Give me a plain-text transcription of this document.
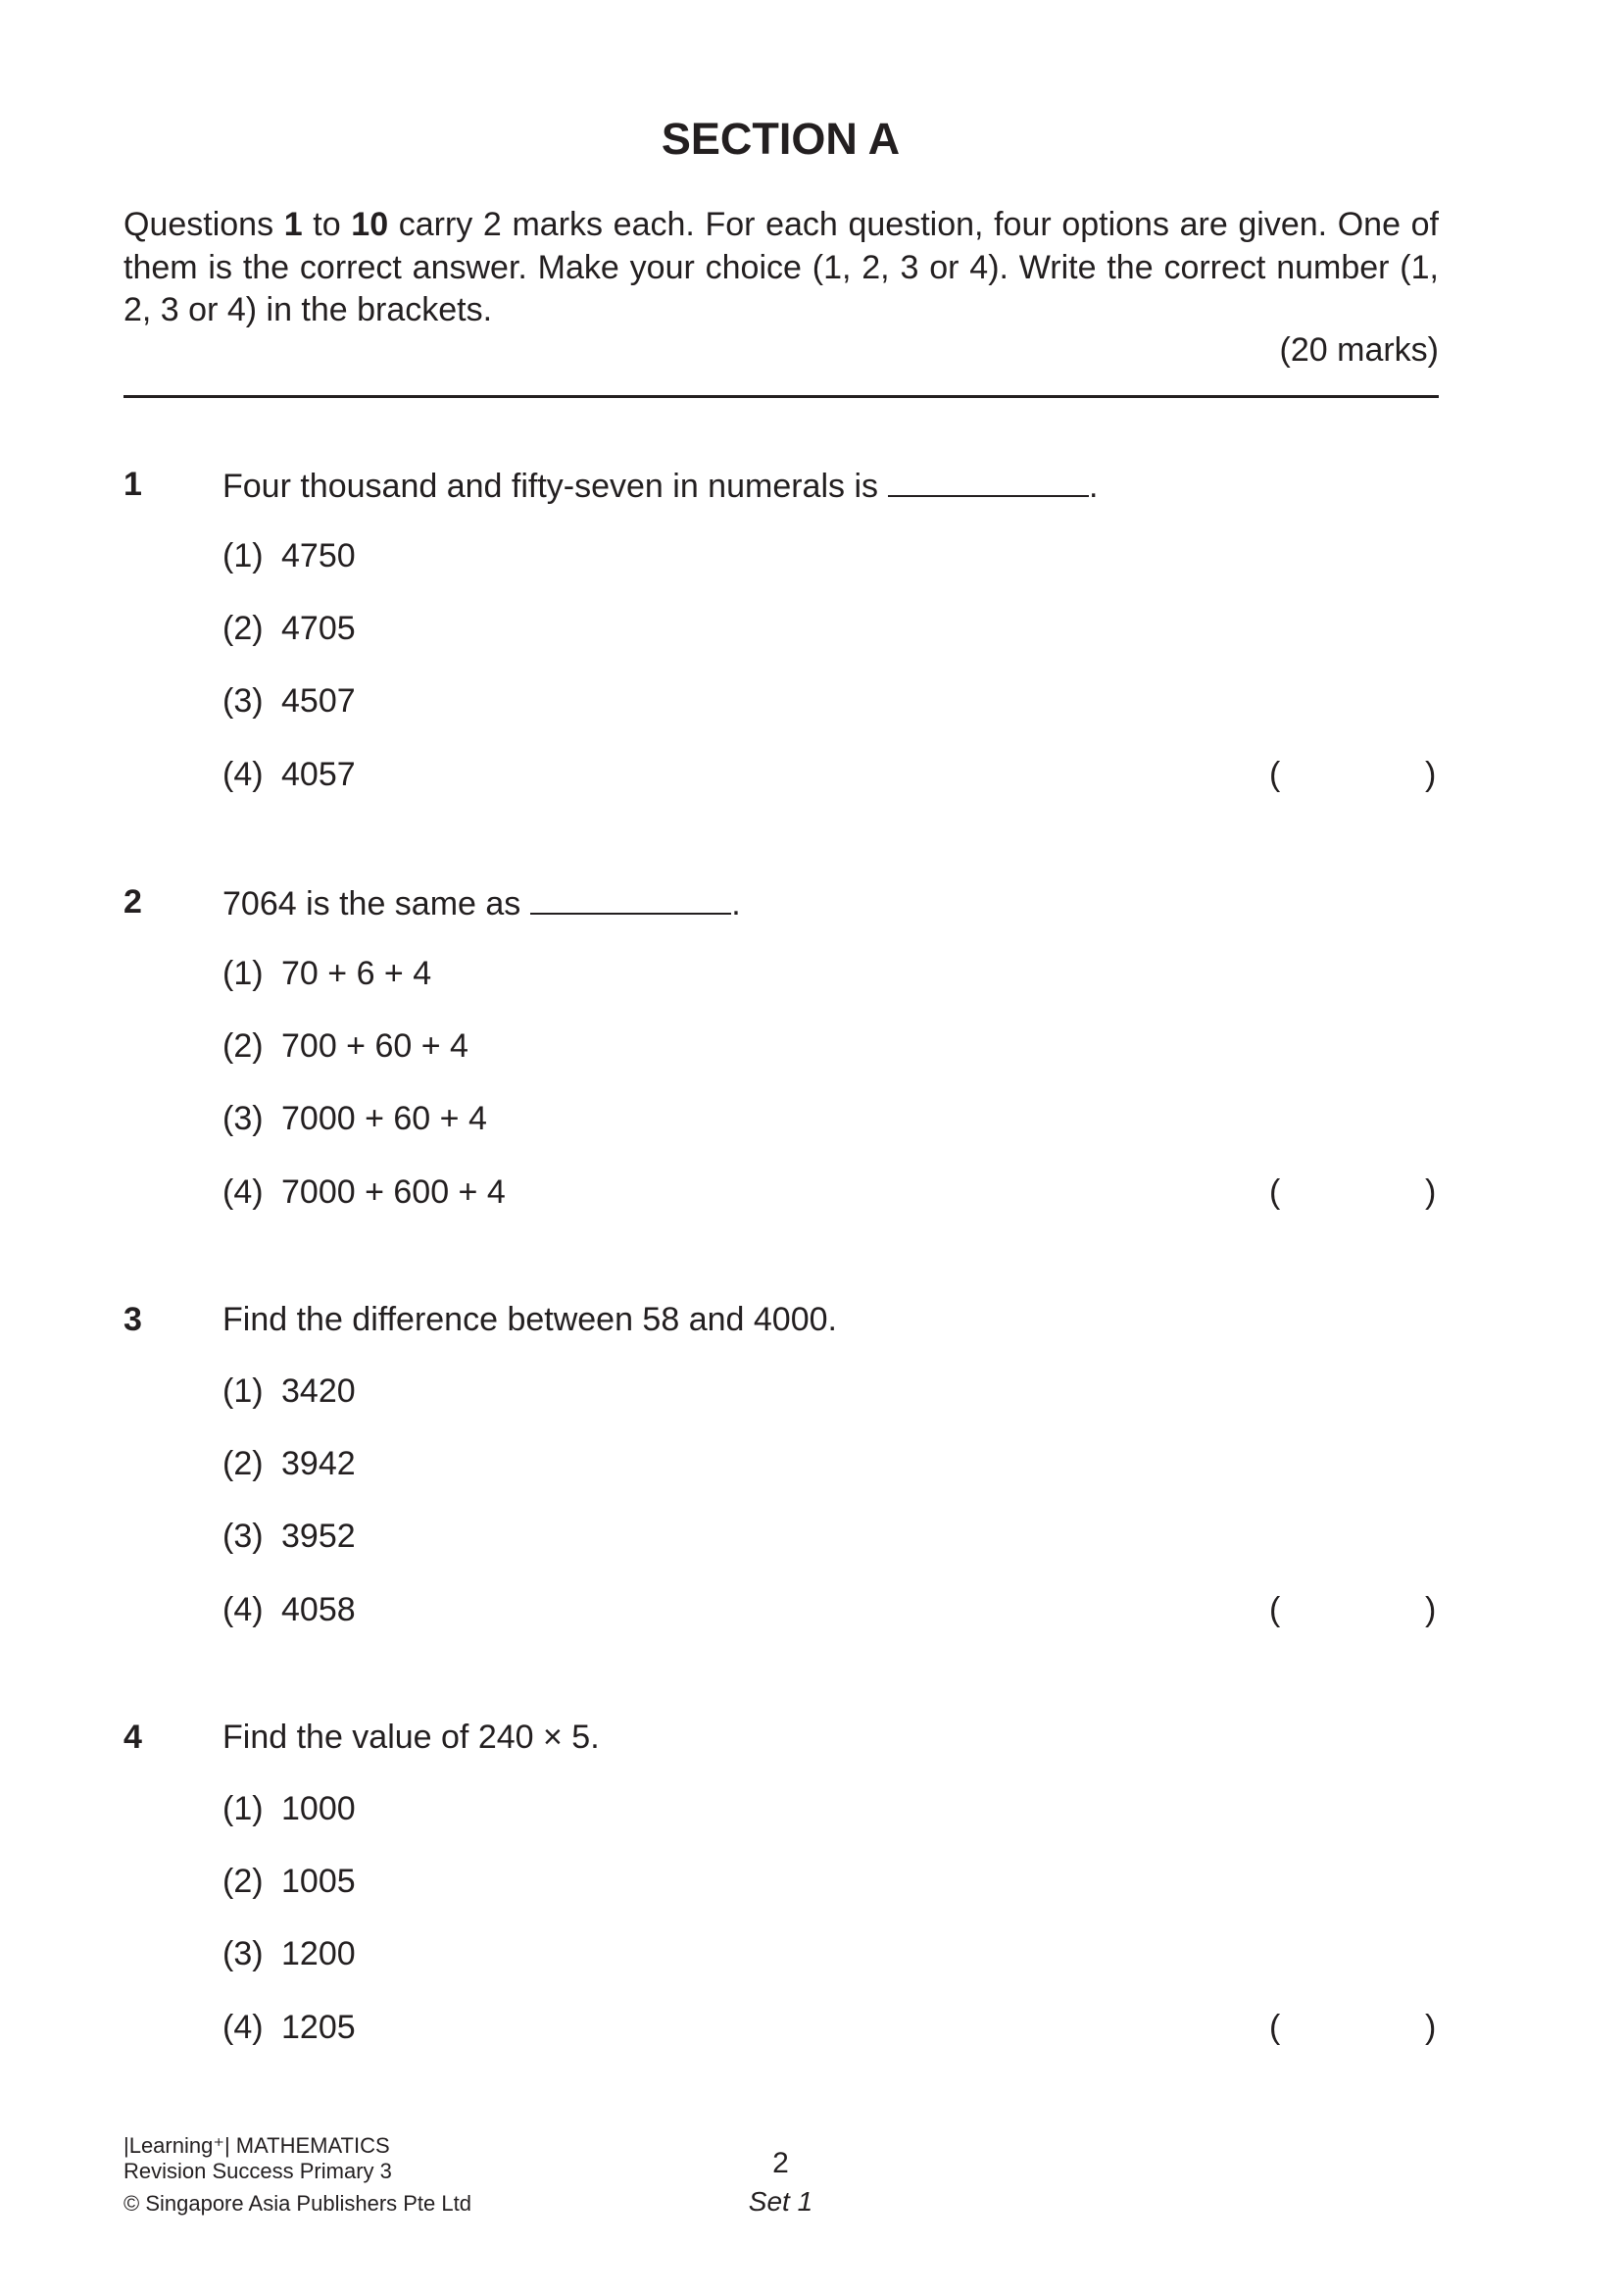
SECTION A
Questions 1 to 10 carry 2 marks each. For each question, four options are given. One of them is the correct answer. Make your choice (1, 2, 3 or 4). Write the correct number (1, 2, 3 or 4) in the brackets.
(20 marks)
1 Four thousand and fifty-seven in numerals is	.
(1) 4750
(2) 4705
(3) 4507
(4) 4057	(	)
2 7064 is the same as	.
(1) 70 + 6 + 4
(2) 700 + 60 + 4
(3) 7000 + 60 + 4
(4) 7000 + 600 + 4	(	)
3 Find the difference between 58 and 4000.
(1) 3420
(2) 3942
(3) 3952
(4) 4058	(	)
4 Find the value of 240 × 5.
(1) 1000
(2) 1005
(3) 1200
(4) 1205	(	)
|Learning⁺| MATHEMATICS
Revision Success Primary 3
© Singapore Asia Publishers Pte Ltd
2
Set 1
